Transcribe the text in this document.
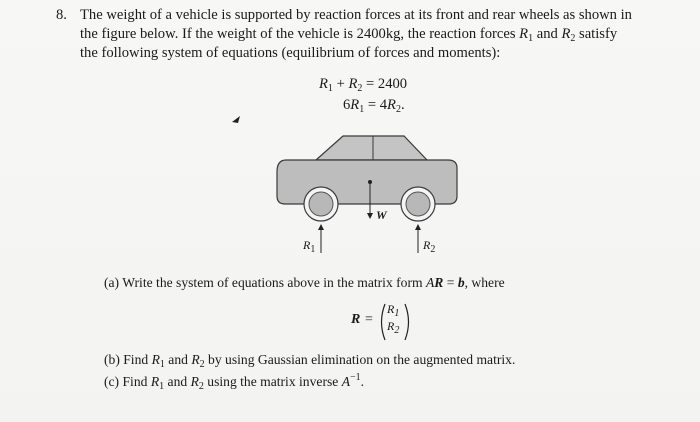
8. The weight of a vehicle is supported by reaction forces at its front and rear wheels as shown in
the figure below. If the weight of the vehicle is 2400kg, the reaction forces $R_1$ and $R_2$ satisfy
the following system of equations (equilibrium of forces and moments):
$R_1 + R_2 = 2400$
$6R_1 = 4R_2$.
W
$R_1$	$R_2$
(a) Write the system of equations above in the matrix form AR = b, where
R =
$R_1$
$R_2$
(b) Find $R_1$ and $R_2$ by using Gaussian elimination on the augmented matrix.
(c) Find $R_1$ and $R_2$ using the matrix inverse $A^{-1}$.
